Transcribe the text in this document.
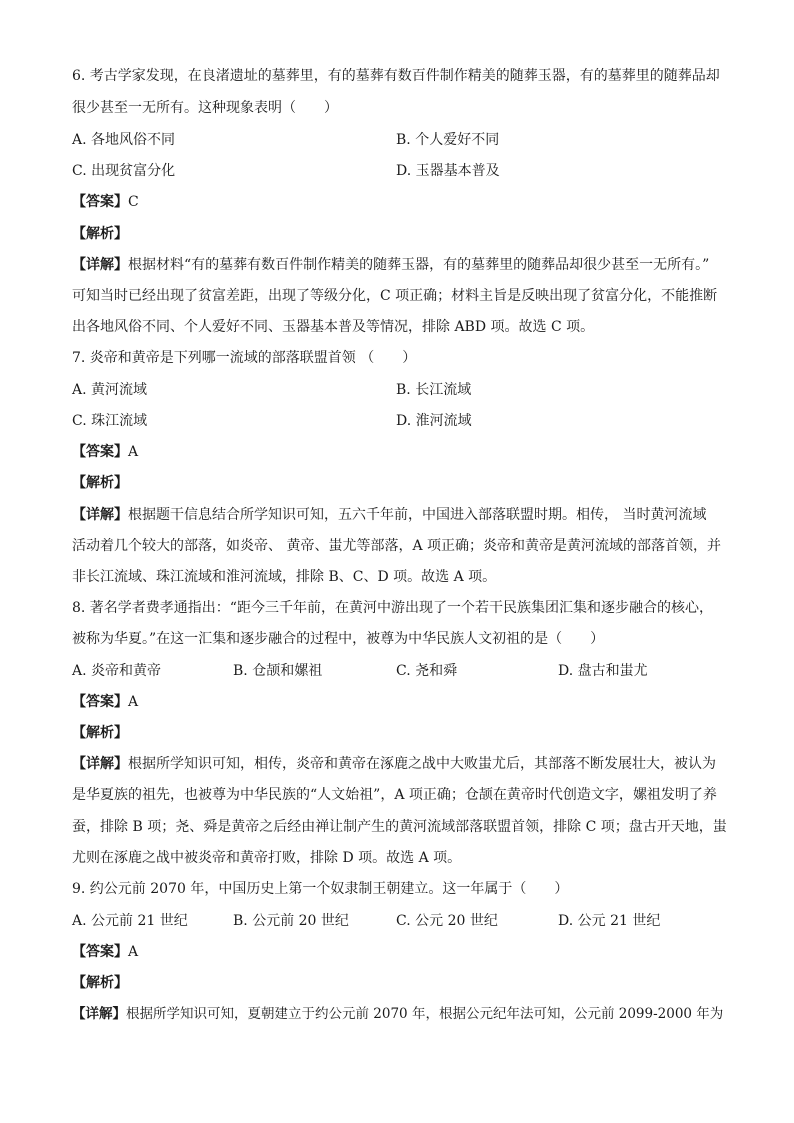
6. 考古学家发现，在良渚遗址的墓葬里，有的墓葬有数百件制作精美的随葬玉器，有的墓葬里的随葬品却
很少甚至一无所有。这种现象表明（　　）
A. 各地风俗不同	B. 个人爱好不同
C. 出现贫富分化	D. 玉器基本普及
【答案】C
【解析】
【详解】根据材料“有的墓葬有数百件制作精美的随葬玉器，有的墓葬里的随葬品却很少甚至一无所有。”
可知当时已经出现了贫富差距，出现了等级分化，C 项正确；材料主旨是反映出现了贫富分化，不能推断
出各地风俗不同、个人爱好不同、玉器基本普及等情况，排除 ABD 项。故选 C 项。
7. 炎帝和黄帝是下列哪一流域的部落联盟首领 （　　）
A. 黄河流域	B. 长江流域
C. 珠江流域	D. 淮河流域
【答案】A
【解析】
【详解】根据题干信息结合所学知识可知，五六千年前，中国进入部落联盟时期。相传， 当时黄河流域
活动着几个较大的部落，如炎帝、 黄帝、蚩尤等部落，A 项正确；炎帝和黄帝是黄河流域的部落首领，并
非长江流域、珠江流域和淮河流域，排除 B、C、D 项。故选 A 项。
8. 著名学者费孝通指出：“距今三千年前，在黄河中游出现了一个若干民族集团汇集和逐步融合的核心，
被称为华夏。”在这一汇集和逐步融合的过程中，被尊为中华民族人文初祖的是（　　）
A. 炎帝和黄帝	B. 仓颉和嫘祖	C. 尧和舜	D. 盘古和蚩尤
【答案】A
【解析】
【详解】根据所学知识可知，相传，炎帝和黄帝在涿鹿之战中大败蚩尤后，其部落不断发展壮大，被认为
是华夏族的祖先，也被尊为中华民族的“人文始祖”，A 项正确；仓颉在黄帝时代创造文字，嫘祖发明了养
蚕，排除 B 项；尧、舜是黄帝之后经由禅让制产生的黄河流域部落联盟首领，排除 C 项；盘古开天地，蚩
尤则在涿鹿之战中被炎帝和黄帝打败，排除 D 项。故选 A 项。
9. 约公元前 2070 年，中国历史上第一个奴隶制王朝建立。这一年属于（　　）
A. 公元前 21 世纪	B. 公元前 20 世纪	C. 公元 20 世纪	D. 公元 21 世纪
【答案】A
【解析】
【详解】根据所学知识可知，夏朝建立于约公元前 2070 年，根据公元纪年法可知，公元前 2099-2000 年为
